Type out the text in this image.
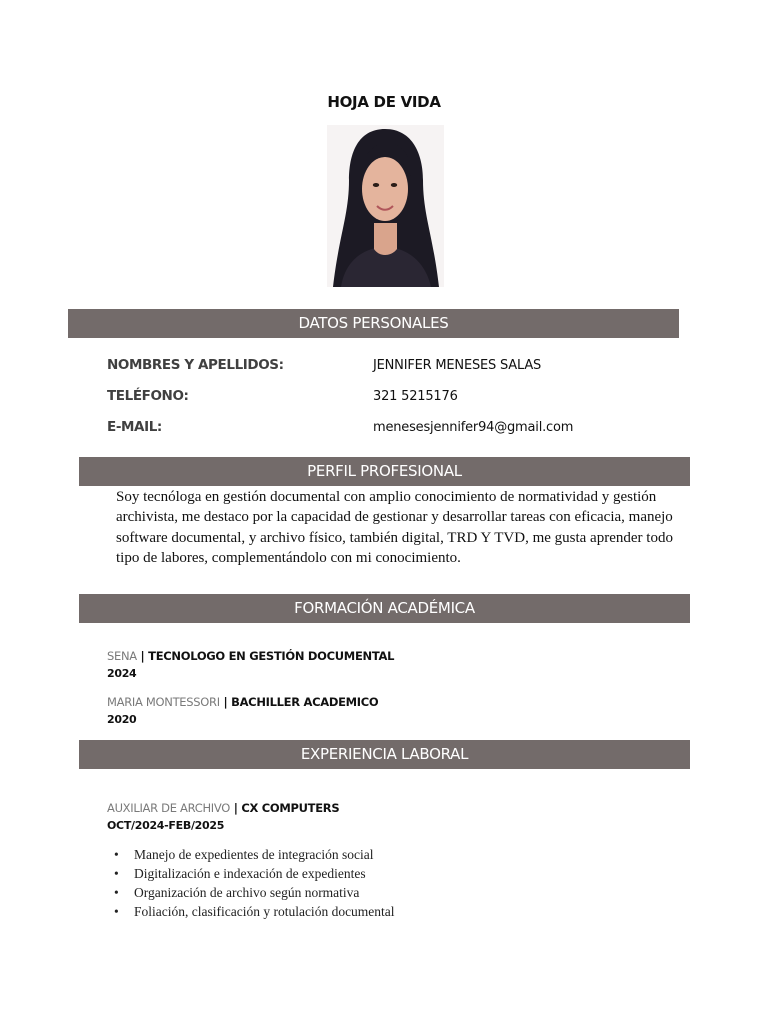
HOJA DE VIDA
DATOS PERSONALES
NOMBRES Y APELLIDOS:	JENNIFER MENESES SALAS
TELÉFONO:	321 5215176
E-MAIL:	menesesjennifer94@gmail.com
PERFIL PROFESIONAL
Soy tecnóloga en gestión documental con amplio conocimiento de normatividad y gestión archivista, me destaco por la capacidad de gestionar y desarrollar tareas con eficacia, manejo software documental, y archivo físico, también digital, TRD Y TVD, me gusta aprender todo tipo de labores, complementándolo con mi conocimiento.
FORMACIÓN ACADÉMICA
SENA | TECNOLOGO EN GESTIÓN DOCUMENTAL
2024
MARIA MONTESSORI | BACHILLER ACADEMICO
2020
EXPERIENCIA LABORAL
AUXILIAR DE ARCHIVO | CX COMPUTERS
OCT/2024-FEB/2025
• Manejo de expedientes de integración social
• Digitalización e indexación de expedientes
• Organización de archivo según normativa
• Foliación, clasificación y rotulación documental
